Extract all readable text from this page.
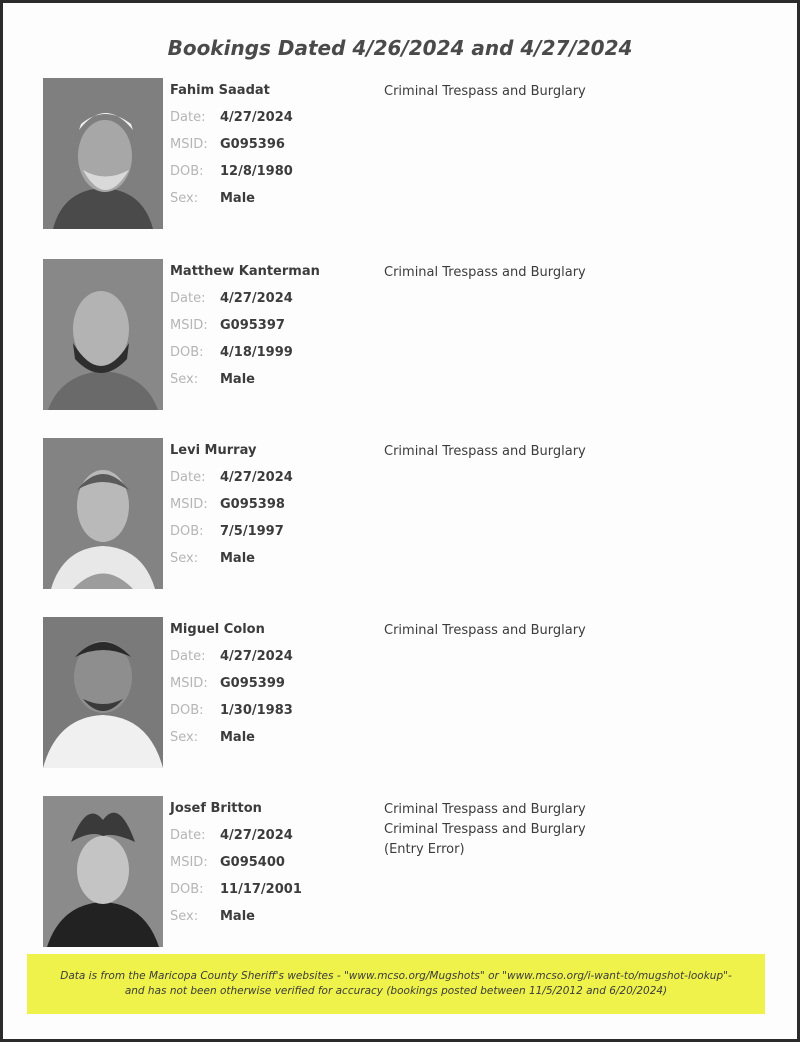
Bookings Dated 4/26/2024 and 4/27/2024
Fahim Saadat
Date: 4/27/2024
MSID: G095396
DOB: 12/8/1980
Sex: Male
Criminal Trespass and Burglary
Matthew Kanterman
Date: 4/27/2024
MSID: G095397
DOB: 4/18/1999
Sex: Male
Criminal Trespass and Burglary
Levi Murray
Date: 4/27/2024
MSID: G095398
DOB: 7/5/1997
Sex: Male
Criminal Trespass and Burglary
Miguel Colon
Date: 4/27/2024
MSID: G095399
DOB: 1/30/1983
Sex: Male
Criminal Trespass and Burglary
Josef Britton
Date: 4/27/2024
MSID: G095400
DOB: 11/17/2001
Sex: Male
Criminal Trespass and Burglary
Criminal Trespass and Burglary
(Entry Error)
Data is from the Maricopa County Sheriff's websites - "www.mcso.org/Mugshots" or "www.mcso.org/i-want-to/mugshot-lookup"-
and has not been otherwise verified for accuracy (bookings posted between 11/5/2012 and 6/20/2024)
